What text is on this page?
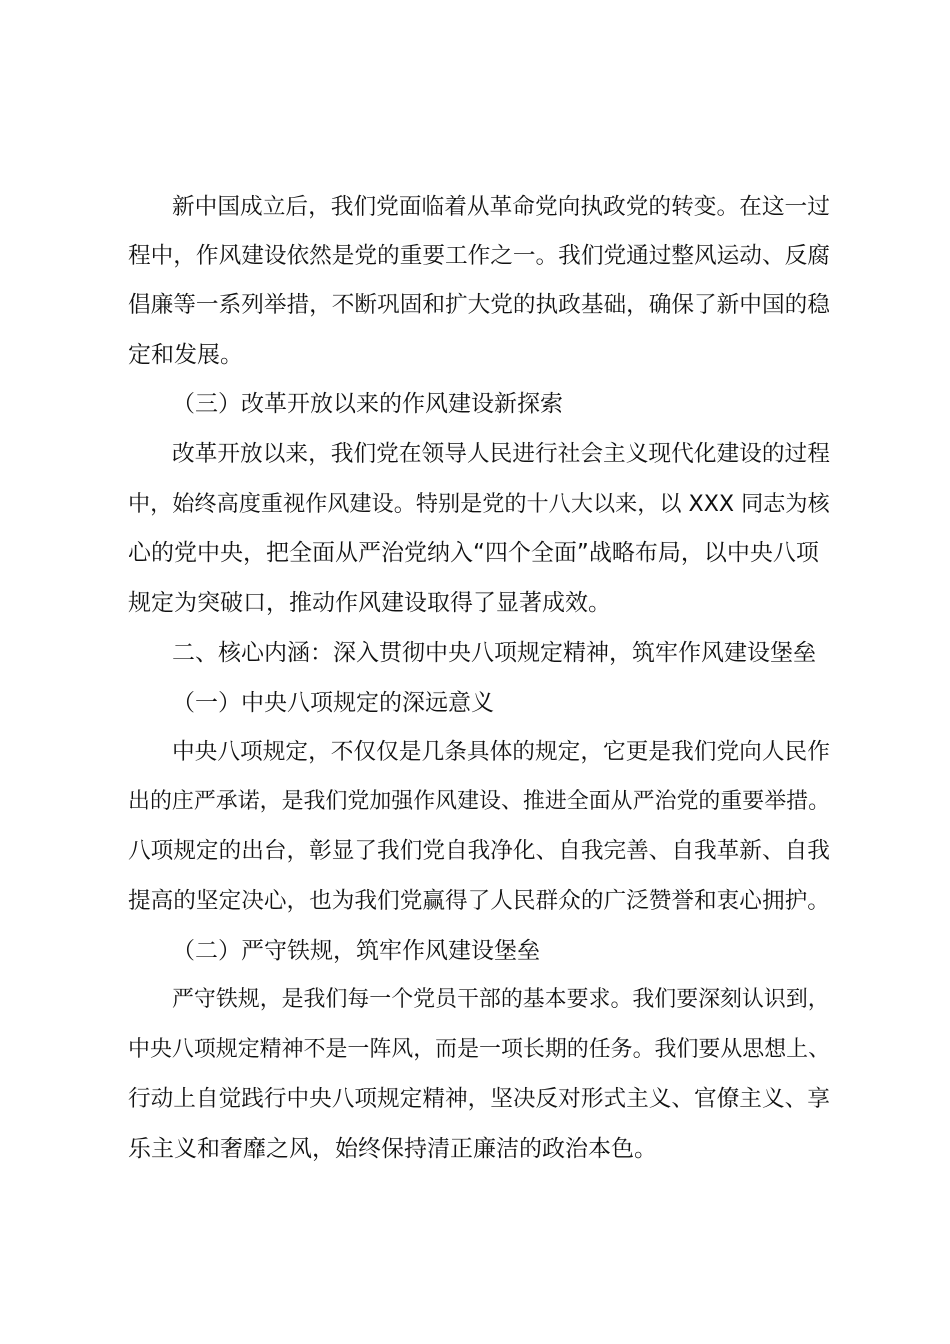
新中国成立后，我们党面临着从革命党向执政党的转变。在这一过
程中，作风建设依然是党的重要工作之一。我们党通过整风运动、反腐
倡廉等一系列举措，不断巩固和扩大党的执政基础，确保了新中国的稳
定和发展。
（三）改革开放以来的作风建设新探索
改革开放以来，我们党在领导人民进行社会主义现代化建设的过程
中，始终高度重视作风建设。特别是党的十八大以来，以 XXX 同志为核
心的党中央，把全面从严治党纳入“四个全面”战略布局，以中央八项
规定为突破口，推动作风建设取得了显著成效。
二、核心内涵：深入贯彻中央八项规定精神，筑牢作风建设堡垒
（一）中央八项规定的深远意义
中央八项规定，不仅仅是几条具体的规定，它更是我们党向人民作
出的庄严承诺，是我们党加强作风建设、推进全面从严治党的重要举措。
八项规定的出台，彰显了我们党自我净化、自我完善、自我革新、自我
提高的坚定决心，也为我们党赢得了人民群众的广泛赞誉和衷心拥护。
（二）严守铁规，筑牢作风建设堡垒
严守铁规，是我们每一个党员干部的基本要求。我们要深刻认识到，
中央八项规定精神不是一阵风，而是一项长期的任务。我们要从思想上、
行动上自觉践行中央八项规定精神，坚决反对形式主义、官僚主义、享
乐主义和奢靡之风，始终保持清正廉洁的政治本色。
